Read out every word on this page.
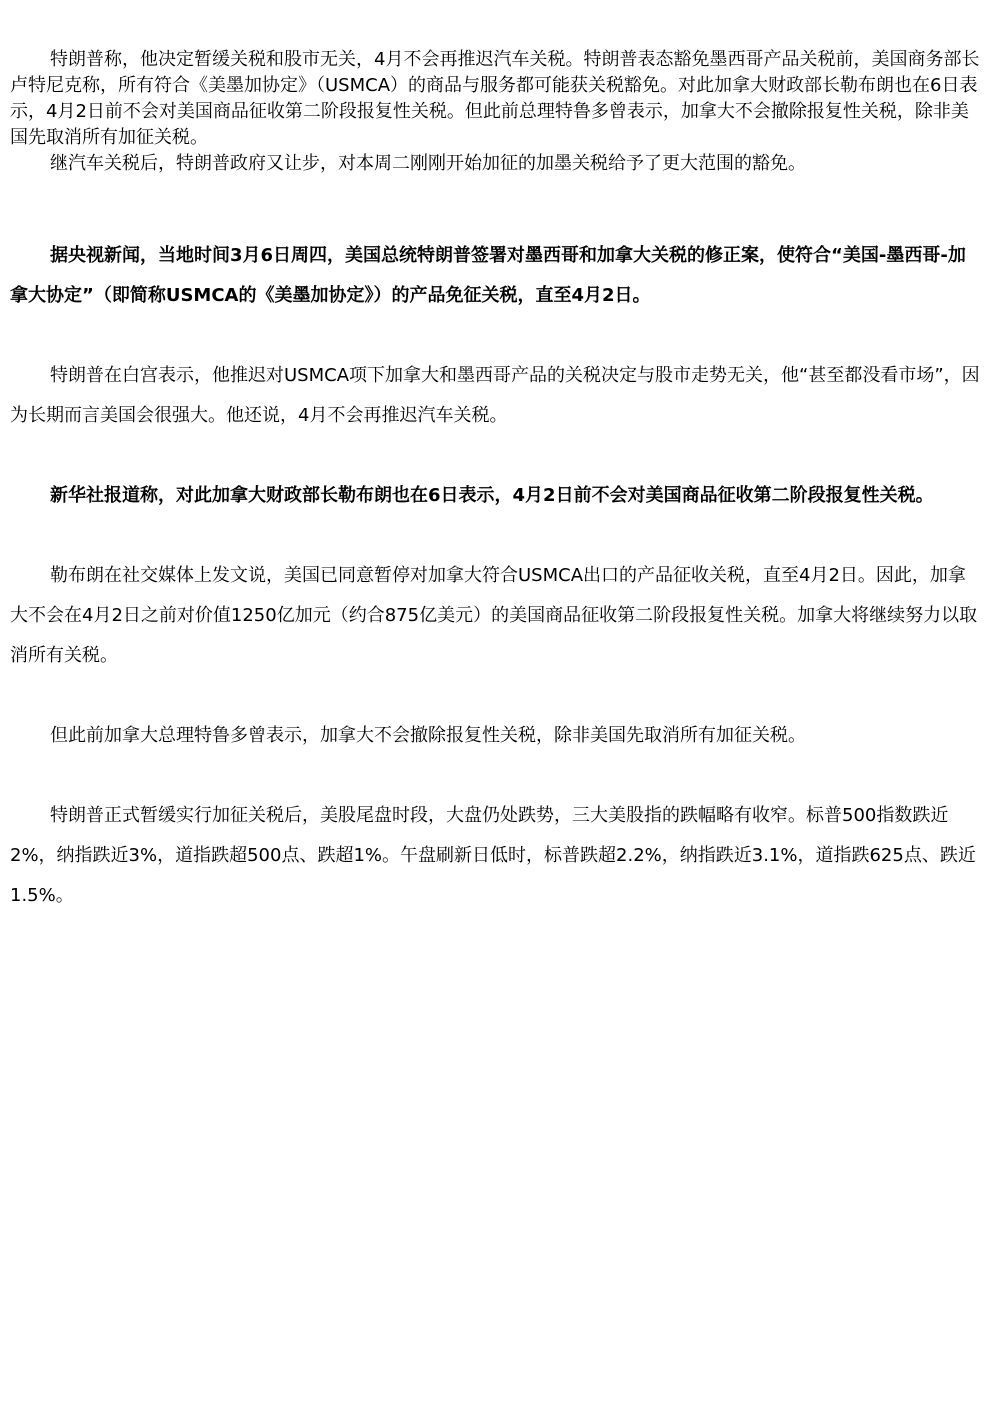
特朗普称，他决定暂缓关税和股市无关，4月不会再推迟汽车关税。特朗普表态豁免墨西哥产品关税前，美国商务部长卢特尼克称，所有符合《美墨加协定》（USMCA）的商品与服务都可能获关税豁免。对此加拿大财政部长勒布朗也在6日表示，4月2日前不会对美国商品征收第二阶段报复性关税。但此前总理特鲁多曾表示，加拿大不会撤除报复性关税，除非美国先取消所有加征关税。

继汽车关税后，特朗普政府又让步，对本周二刚刚开始加征的加墨关税给予了更大范围的豁免。

据央视新闻，当地时间3月6日周四，美国总统特朗普签署对墨西哥和加拿大关税的修正案，使符合“美国-墨西哥-加拿大协定”（即简称USMCA的《美墨加协定》）的产品免征关税，直至4月2日。

特朗普在白宫表示，他推迟对USMCA项下加拿大和墨西哥产品的关税决定与股市走势无关，他“甚至都没看市场”，因为长期而言美国会很强大。他还说，4月不会再推迟汽车关税。

新华社报道称，对此加拿大财政部长勒布朗也在6日表示，4月2日前不会对美国商品征收第二阶段报复性关税。

勒布朗在社交媒体上发文说，美国已同意暂停对加拿大符合USMCA出口的产品征收关税，直至4月2日。因此，加拿大不会在4月2日之前对价值1250亿加元（约合875亿美元）的美国商品征收第二阶段报复性关税。加拿大将继续努力以取消所有关税。

但此前加拿大总理特鲁多曾表示，加拿大不会撤除报复性关税，除非美国先取消所有加征关税。

特朗普正式暂缓实行加征关税后，美股尾盘时段，大盘仍处跌势，三大美股指的跌幅略有收窄。标普500指数跌近2%，纳指跌近3%，道指跌超500点、跌超1%。午盘刷新日低时，标普跌超2.2%，纳指跌近3.1%，道指跌625点、跌近1.5%。
